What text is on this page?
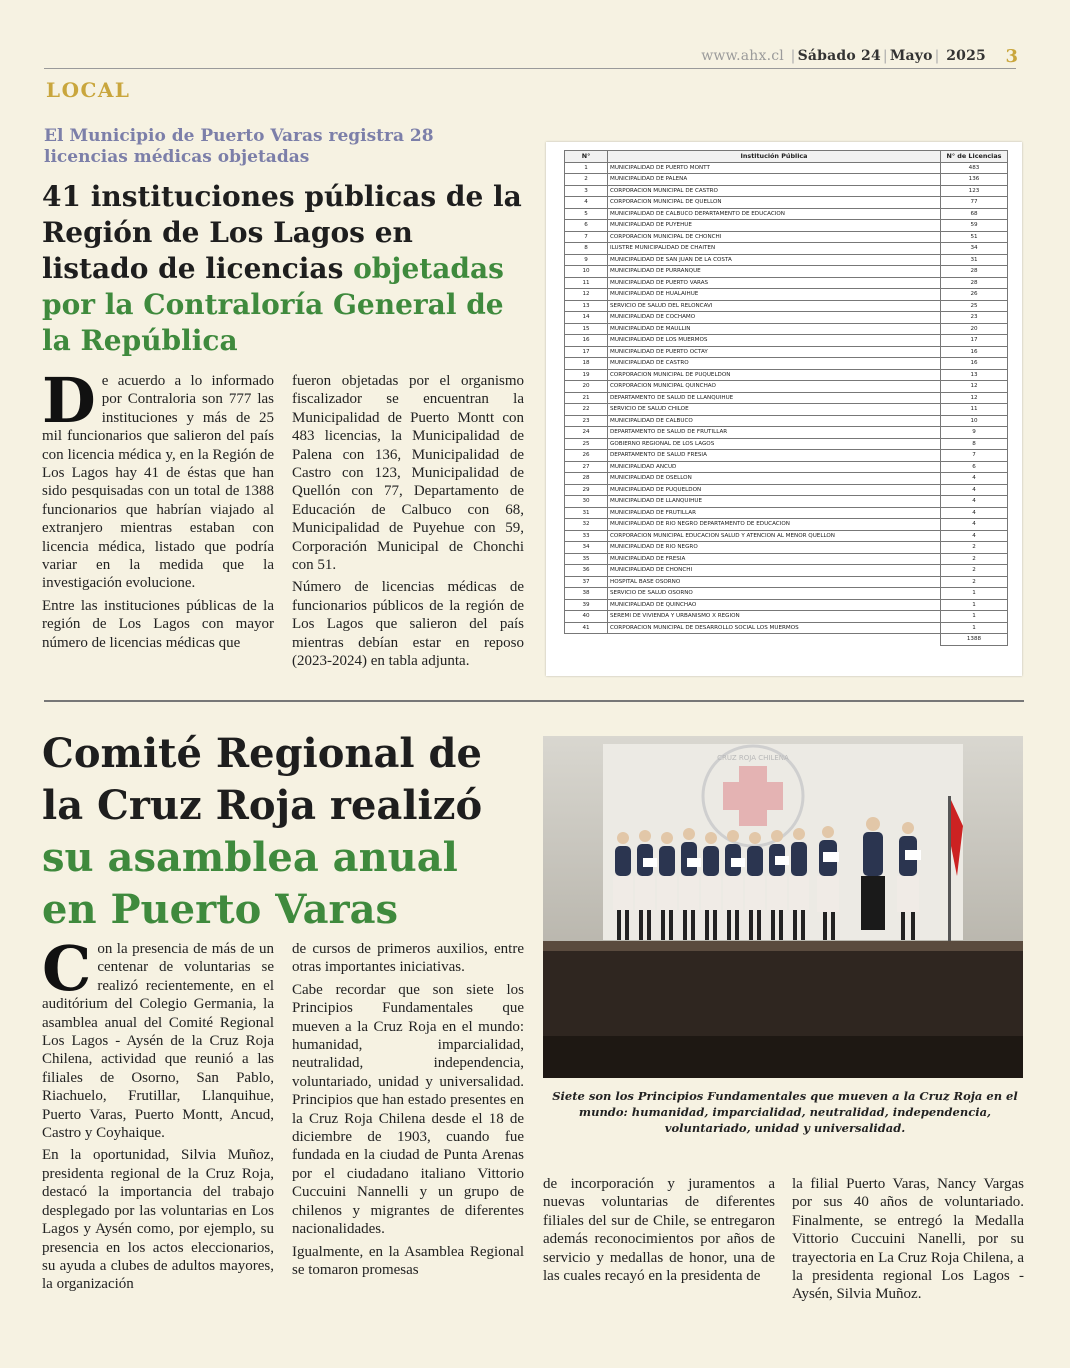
www.ahx.cl | Sábado 24 | Mayo | 2025 3
LOCAL
El Municipio de Puerto Varas registra 28 licencias médicas objetadas
41 instituciones públicas de la Región de Los Lagos en listado de licencias objetadas por la Contraloría General de la República
D e acuerdo a lo informado por Contraloria son 777 las instituciones y más de 25 mil funcionarios que salieron del país con licencia médica y, en la Región de Los Lagos hay 41 de éstas que han sido pesquisadas con un total de 1388 funcionarios que habrían viajado al extranjero mientras estaban con licencia médica, listado que podría variar en la medida que la investigación evolucione.

Entre las instituciones públicas de la región de Los Lagos con mayor número de licencias médicas que

fueron objetadas por el organismo fiscalizador se encuentran la Municipalidad de Puerto Montt con 483 licencias, la Municipalidad de Palena con 136, Municipalidad de Castro con 123, Municipalidad de Quellón con 77, Departamento de Educación de Calbuco con 68, Municipalidad de Puyehue con 59, Corporación Municipal de Chonchi con 51.

Número de licencias médicas de funcionarios públicos de la región de Los Lagos que salieron del país mientras debían estar en reposo (2023-2024) en tabla adjunta.

N°	Institución Pública	N° de Licencias
1	MUNICIPALIDAD DE PUERTO MONTT	483
2	MUNICIPALIDAD DE PALENA	136
3	CORPORACION MUNICIPAL DE CASTRO	123
4	CORPORACION MUNICIPAL DE QUELLON	77
5	MUNICIPALIDAD DE CALBUCO DEPARTAMENTO DE EDUCACION	68
6	MUNICIPALIDAD DE PUYEHUE	59
7	CORPORACION MUNICIPAL DE CHONCHI	51
8	ILUSTRE MUNICIPALIDAD DE CHAITEN	34
9	MUNICIPALIDAD DE SAN JUAN DE LA COSTA	31
10	MUNICIPALIDAD DE PURRANQUE	28
11	MUNICIPALIDAD DE PUERTO VARAS	28
12	MUNICIPALIDAD DE HUALAIHUE	26
13	SERVICIO DE SALUD DEL RELONCAVI	25
14	MUNICIPALIDAD DE COCHAMO	23
15	MUNICIPALIDAD DE MAULLIN	20
16	MUNICIPALIDAD DE LOS MUERMOS	17
17	MUNICIPALIDAD DE PUERTO OCTAY	16
18	MUNICIPALIDAD DE CASTRO	16
19	CORPORACION MUNICIPAL DE PUQUELDON	13
20	CORPORACION MUNICIPAL QUINCHAO	12
21	DEPARTAMENTO DE SALUD DE LLANQUIHUE	12
22	SERVICIO DE SALUD CHILOE	11
23	MUNICIPALIDAD DE CALBUCO	10
24	DEPARTAMENTO DE SALUD DE FRUTILLAR	9
25	GOBIERNO REGIONAL DE LOS LAGOS	8
26	DEPARTAMENTO DE SALUD FRESIA	7
27	MUNICIPALIDAD ANCUD	6
28	MUNICIPALIDAD DE OSELLON	4
29	MUNICIPALIDAD DE PUQUELDON	4
30	MUNICIPALIDAD DE LLANQUIHUE	4
31	MUNICIPALIDAD DE FRUTILLAR	4
32	MUNICIPALIDAD DE RIO NEGRO DEPARTAMENTO DE EDUCACION	4
33	CORPORACION MUNICIPAL EDUCACION SALUD Y ATENCION AL MENOR QUELLON	4
34	MUNICIPALIDAD DE RIO NEGRO	2
35	MUNICIPALIDAD DE FRESIA	2
36	MUNICIPALIDAD DE CHONCHI	2
37	HOSPITAL BASE OSORNO	2
38	SERVICIO DE SALUD OSORNO	1
39	MUNICIPALIDAD DE QUINCHAO	1
40	SEREMI DE VIVIENDA Y URBANISMO X REGION	1
41	CORPORACION MUNICIPAL DE DESARROLLO SOCIAL LOS MUERMOS	1
		1388
Comité Regional de la Cruz Roja realizó su asamblea anual en Puerto Varas
CRUZ ROJA CHILENA
Siete son los Principios Fundamentales que mueven a la Cruz Roja en el mundo: humanidad, imparcialidad, neutralidad, independencia, voluntariado, unidad y universalidad.
C on la presencia de más de un centenar de voluntarias se realizó recientemente, en el auditórium del Colegio Germania, la asamblea anual del Comité Regional Los Lagos - Aysén de la Cruz Roja Chilena, actividad que reunió a las filiales de Osorno, San Pablo, Riachuelo, Frutillar, Llanquihue, Puerto Varas, Puerto Montt, Ancud, Castro y Coyhaique.

En la oportunidad, Silvia Muñoz, presidenta regional de la Cruz Roja, destacó la importancia del trabajo desplegado por las voluntarias en Los Lagos y Aysén como, por ejemplo, su presencia en los actos eleccionarios, su ayuda a clubes de adultos mayores, la organización

de cursos de primeros auxilios, entre otras importantes iniciativas.

Cabe recordar que son siete los Principios Fundamentales que mueven a la Cruz Roja en el mundo: humanidad, imparcialidad, neutralidad, independencia, voluntariado, unidad y universalidad. Principios que han estado presentes en la Cruz Roja Chilena desde el 18 de diciembre de 1903, cuando fue fundada en la ciudad de Punta Arenas por el ciudadano italiano Vittorio Cuccuini Nannelli y un grupo de chilenos y migrantes de diferentes nacionalidades.

Igualmente, en la Asamblea Regional se tomaron promesas

de incorporación y juramentos a nuevas voluntarias de diferentes filiales del sur de Chile, se entregaron además reconocimientos por años de servicio y medallas de honor, una de las cuales recayó en la presidenta de

la filial Puerto Varas, Nancy Vargas por sus 40 años de voluntariado. Finalmente, se entregó la Medalla Vittorio Cuccuini Nanelli, por su trayectoria en La Cruz Roja Chilena, a la presidenta regional Los Lagos - Aysén, Silvia Muñoz.
